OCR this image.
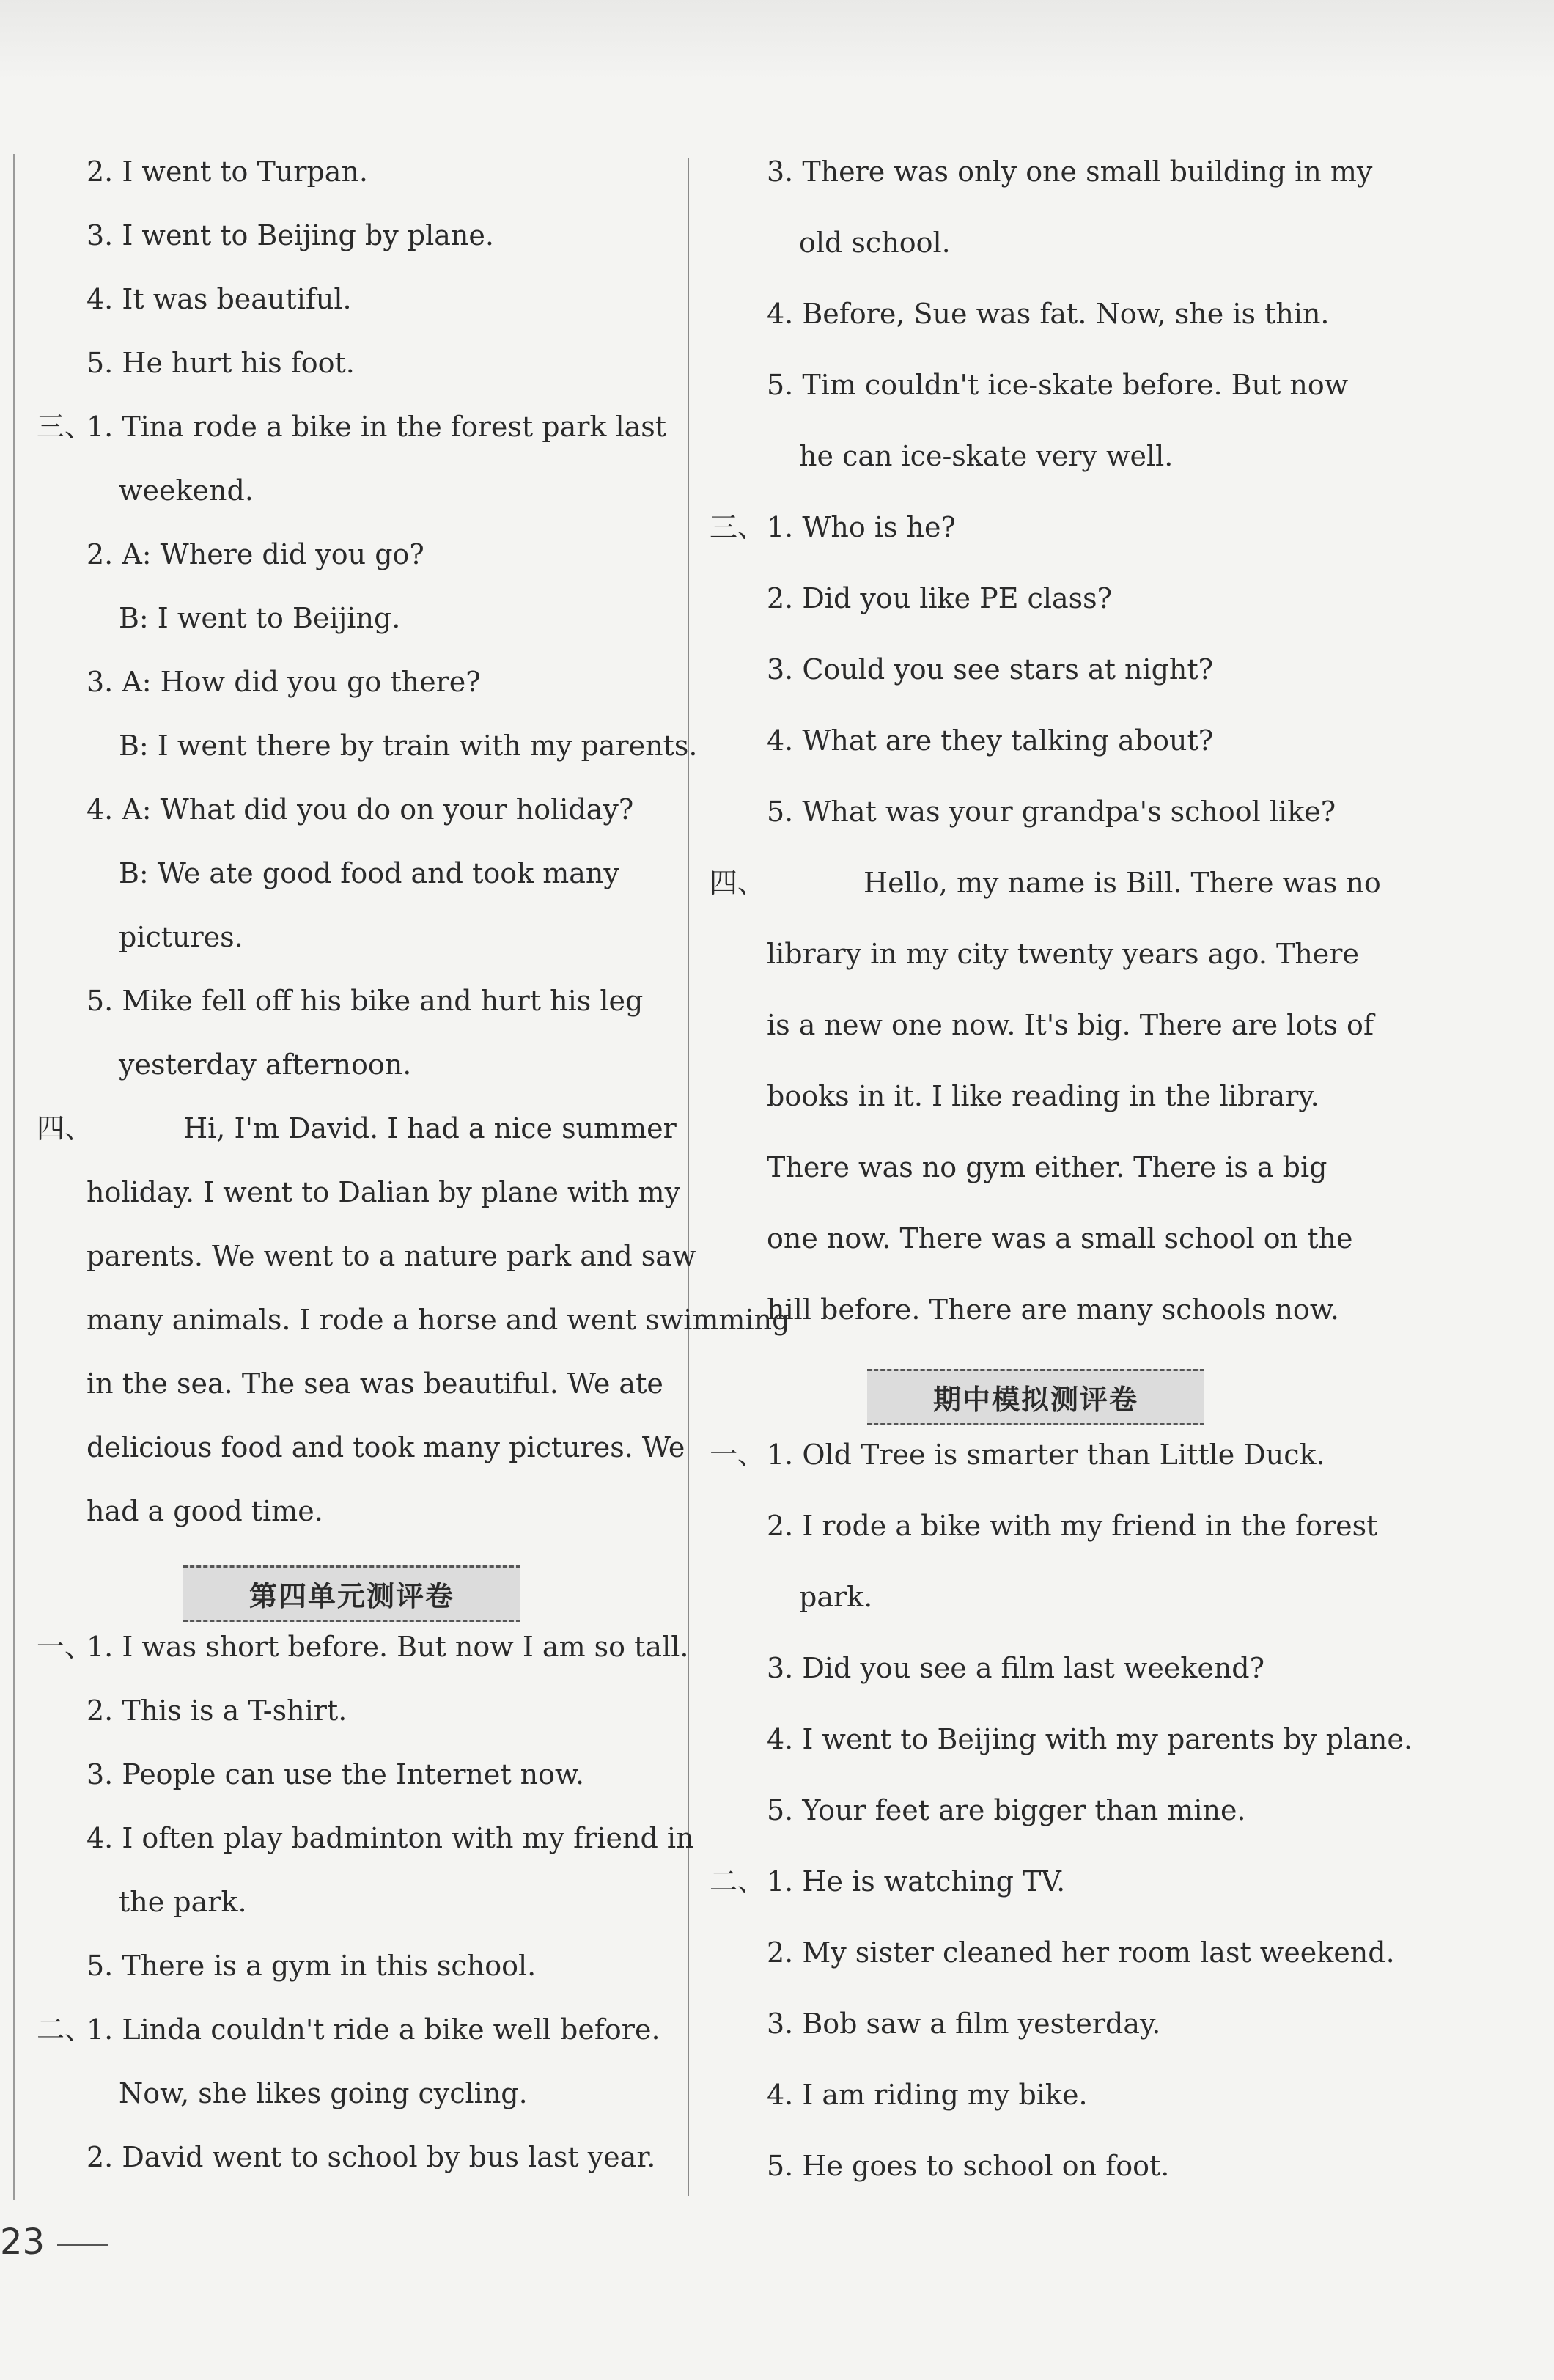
2. I went to Turpan.
3. I went to Beijing by plane.
4. It was beautiful.
5. He hurt his foot.
三、
1. Tina rode a bike in the forest park last
weekend.
2. A: Where did you go?
B: I went to Beijing.
3. A: How did you go there?
B: I went there by train with my parents.
4. A: What did you do on your holiday?
B: We ate good food and took many
pictures.
5. Mike fell off his bike and hurt his leg
yesterday afternoon.
四、	Hi, I'm David. I had a nice summer
holiday. I went to Dalian by plane with my
parents. We went to a nature park and saw
many animals. I rode a horse and went swimming
in the sea. The sea was beautiful. We ate
delicious food and took many pictures. We
had a good time.
第四单元测评卷
一、
1. I was short before. But now I am so tall.
2. This is a T-shirt.
3. People can use the Internet now.
4. I often play badminton with my friend in
the park.
5. There is a gym in this school.
二、
1. Linda couldn't ride a bike well before.
Now, she likes going cycling.
2. David went to school by bus last year.
3. There was only one small building in my
old school.
4. Before, Sue was fat. Now, she is thin.
5. Tim couldn't ice-skate before. But now
he can ice-skate very well.
三、 1. Who is he?
2. Did you like PE class?
3. Could you see stars at night?
4. What are they talking about?
5. What was your grandpa's school like?
四、	Hello, my name is Bill. There was no
library in my city twenty years ago. There
is a new one now. It's big. There are lots of
books in it. I like reading in the library.
There was no gym either. There is a big
one now. There was a small school on the
hill before. There are many schools now.
期中模拟测评卷
一、 1. Old Tree is smarter than Little Duck.
2. I rode a bike with my friend in the forest
park.
3. Did you see a film last weekend?
4. I went to Beijing with my parents by plane.
5. Your feet are bigger than mine.
二、 1. He is watching TV.
2. My sister cleaned her room last weekend.
3. Bob saw a film yesterday.
4. I am riding my bike.
5. He goes to school on foot.
23
